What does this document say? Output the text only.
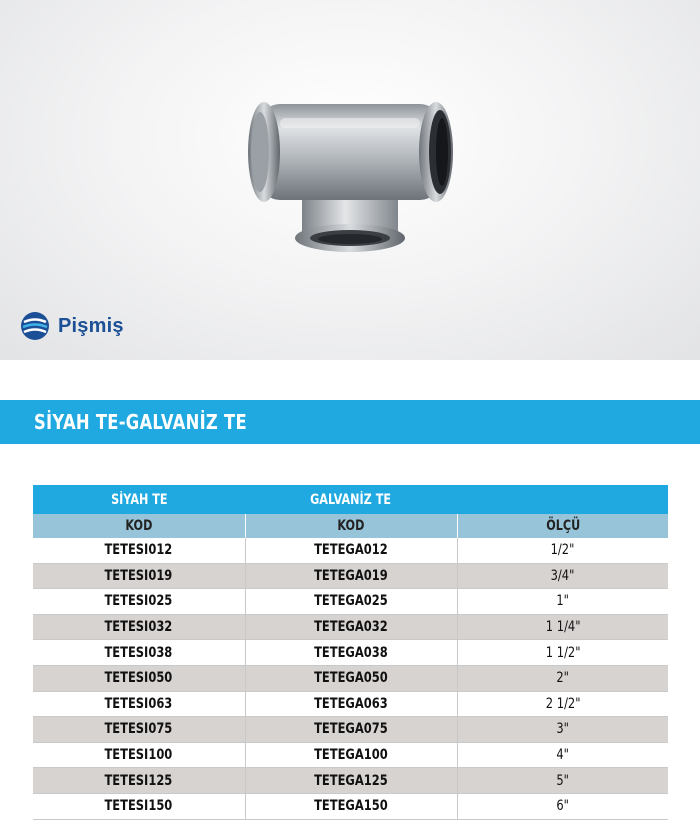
Pişmiş
SİYAH TE-GALVANİZ TE
SİYAH TE	GALVANİZ TE	
KOD	KOD	ÖLÇÜ
TETESI012	TETEGA012	1/2"
TETESI019	TETEGA019	3/4"
TETESI025	TETEGA025	1"
TETESI032	TETEGA032	1 1/4"
TETESI038	TETEGA038	1 1/2"
TETESI050	TETEGA050	2"
TETESI063	TETEGA063	2 1/2"
TETESI075	TETEGA075	3"
TETESI100	TETEGA100	4"
TETESI125	TETEGA125	5"
TETESI150	TETEGA150	6"
